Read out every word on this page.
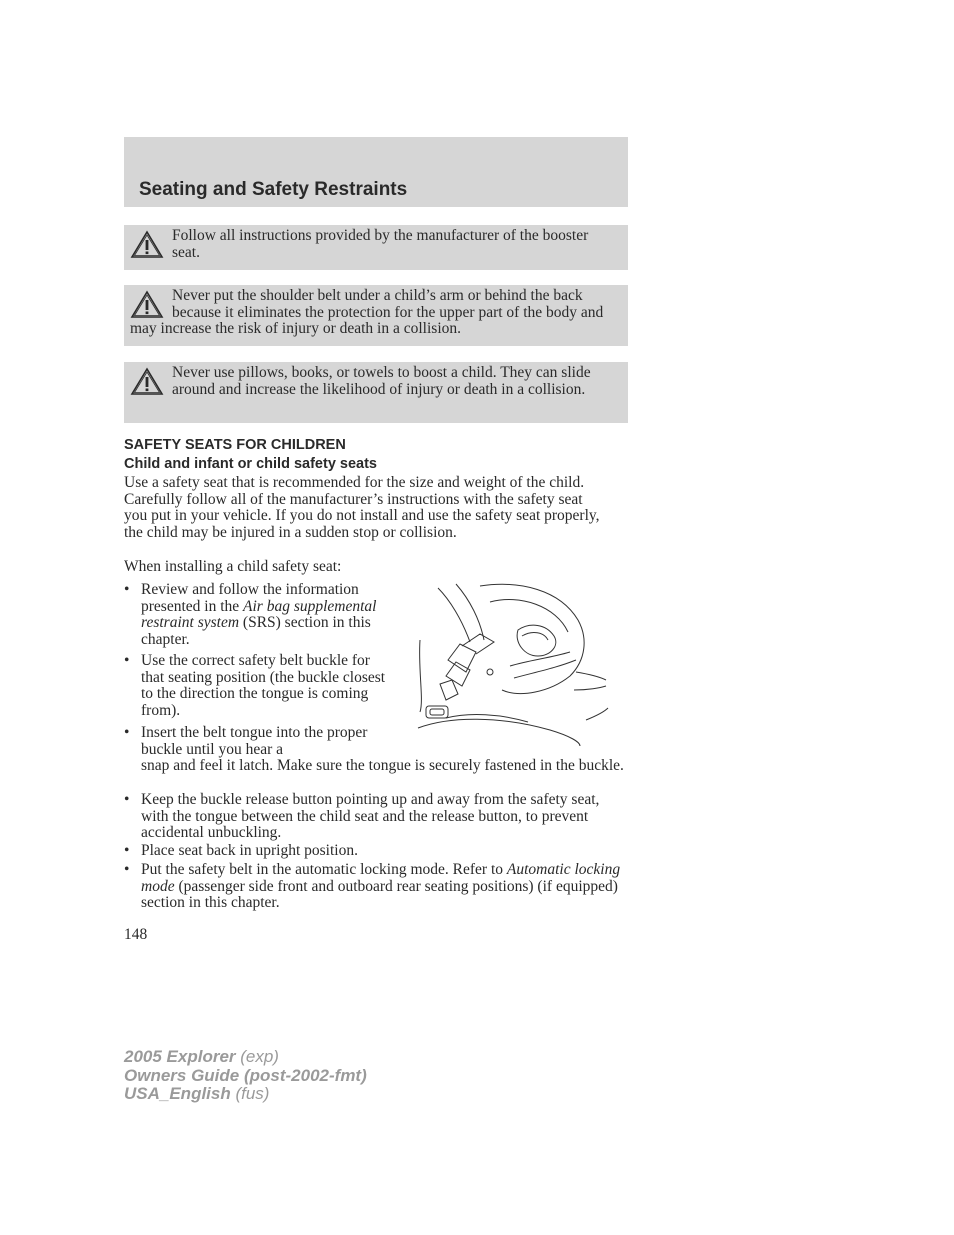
Seating and Safety Restraints
Follow all instructions provided by the manufacturer of the booster seat.
Never put the shoulder belt under a child’s arm or behind the back because it eliminates the protection for the upper part of the body and may increase the risk of injury or death in a collision.
Never use pillows, books, or towels to boost a child. They can slide around and increase the likelihood of injury or death in a collision.
SAFETY SEATS FOR CHILDREN
Child and infant or child safety seats

Use a safety seat that is recommended for the size and weight of the child. Carefully follow all of the manufacturer’s instructions with the safety seat you put in your vehicle. If you do not install and use the safety seat properly, the child may be injured in a sudden stop or collision.

When installing a child safety seat:

• Review and follow the information presented in the Air bag supplemental restraint system (SRS) section in this chapter.
• Use the correct safety belt buckle for that seating position (the buckle closest to the direction the tongue is coming from).
• Insert the belt tongue into the proper buckle until you hear a
snap and feel it latch. Make sure the tongue is securely fastened in the buckle.
• Keep the buckle release button pointing up and away from the safety seat, with the tongue between the child seat and the release button, to prevent accidental unbuckling.
• Place seat back in upright position.
• Put the safety belt in the automatic locking mode. Refer to Automatic locking mode (passenger side front and outboard rear seating positions) (if equipped) section in this chapter.
148
2005 Explorer (exp)
Owners Guide (post-2002-fmt)
USA_English (fus)
